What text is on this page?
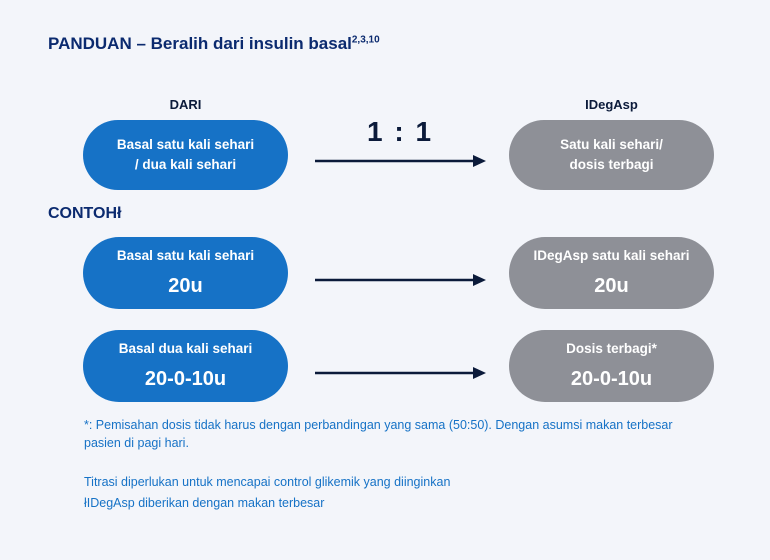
PANDUAN – Beralih dari insulin basal$^{2,3,10}$
DARI	IDegAsp
Basal satu kali sehari
/ dua kali sehari
1 : 1	Satu kali sehari/
dosis terbagi
CONTOHł
Basal satu kali sehari
20u
IDegAsp satu kali sehari
20u
Basal dua kali sehari
20-0-10u
Dosis terbagi*
20-0-10u
*: Pemisahan dosis tidak harus dengan perbandingan yang sama (50:50). Dengan asumsi makan terbesar pasien di pagi hari.
Titrasi diperlukan untuk mencapai control glikemik yang diinginkan
łIDegAsp diberikan dengan makan terbesar
